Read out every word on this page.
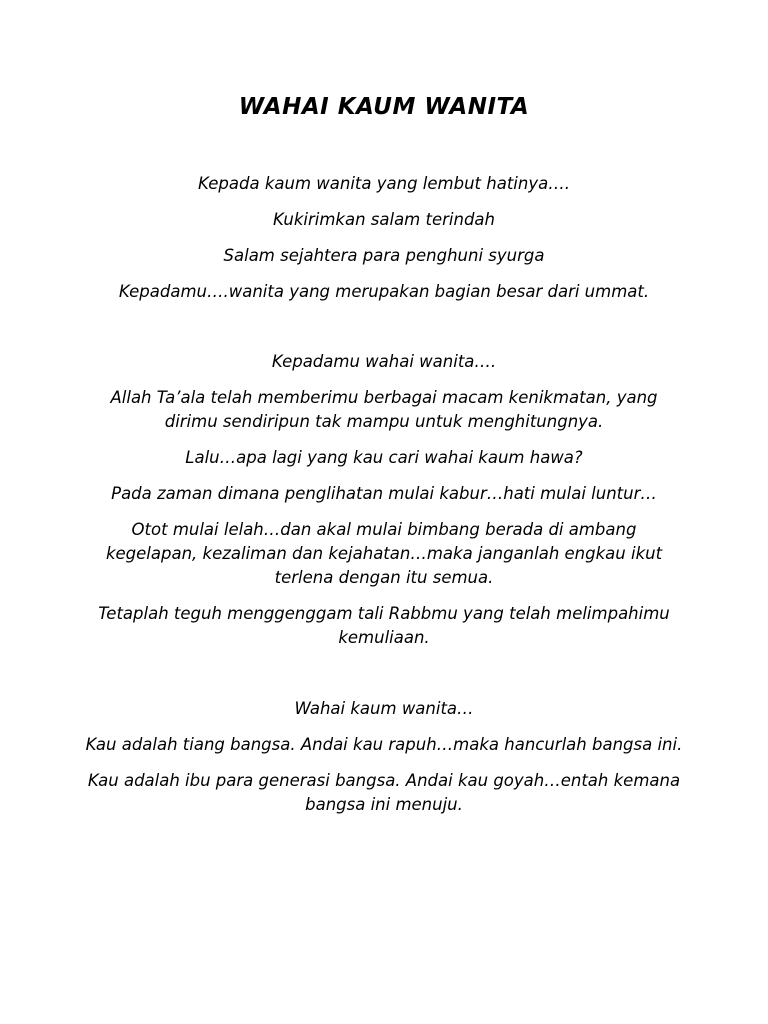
WAHAI KAUM WANITA

Kepada kaum wanita yang lembut hatinya….

Kukirimkan salam terindah

Salam sejahtera para penghuni syurga

Kepadamu….wanita yang merupakan bagian besar dari ummat.

Kepadamu wahai wanita….

Allah Ta’ala telah memberimu berbagai macam kenikmatan, yang dirimu sendiripun tak mampu untuk menghitungnya.

Lalu…apa lagi yang kau cari wahai kaum hawa?

Pada zaman dimana penglihatan mulai kabur…hati mulai luntur…

Otot mulai lelah…dan akal mulai bimbang berada di ambang kegelapan, kezaliman dan kejahatan…maka janganlah engkau ikut terlena dengan itu semua.

Tetaplah teguh menggenggam tali Rabbmu yang telah melimpahimu kemuliaan.

Wahai kaum wanita…

Kau adalah tiang bangsa. Andai kau rapuh…maka hancurlah bangsa ini.

Kau adalah ibu para generasi bangsa. Andai kau goyah…entah kemana bangsa ini menuju.
